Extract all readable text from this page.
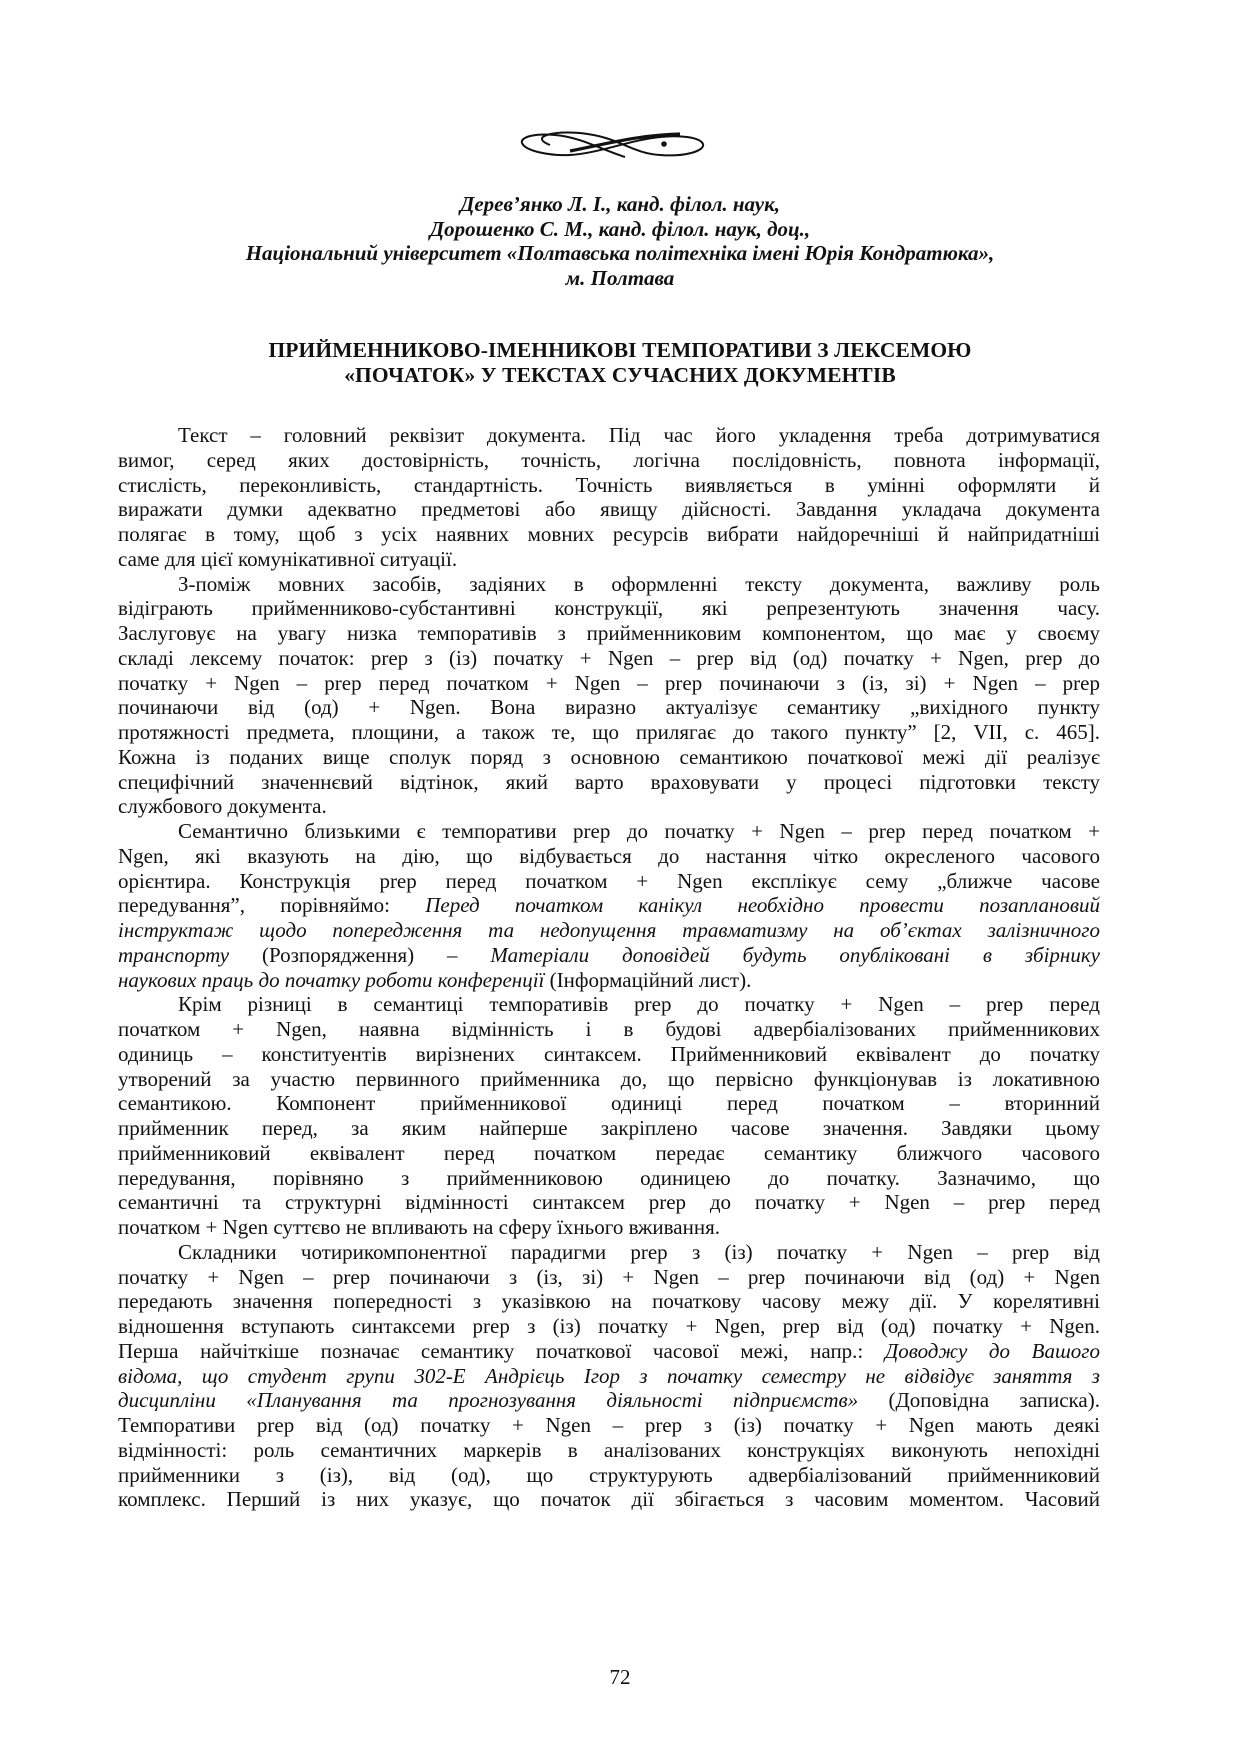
Дерев’янко Л. І., канд. філол. наук,
Дорошенко С. М., канд. філол. наук, доц.,
Національний університет «Полтавська політехніка імені Юрія Кондратюка»,
м. Полтава
ПРИЙМЕННИКОВО-ІМЕННИКОВІ ТЕМПОРАТИВИ З ЛЕКСЕМОЮ
«ПОЧАТОК» У ТЕКСТАХ СУЧАСНИХ ДОКУМЕНТІВ
Текст – головний реквізит документа. Під час його укладення треба дотримуватися
вимог, серед яких достовірність, точність, логічна послідовність, повнота інформації,
стислість, переконливість, стандартність. Точність виявляється в умінні оформляти й
виражати думки адекватно предметові або явищу дійсності. Завдання укладача документа
полягає в тому, щоб з усіх наявних мовних ресурсів вибрати найдоречніші й найпридатніші
саме для цієї комунікативної ситуації.
З-поміж мовних засобів, задіяних в оформленні тексту документа, важливу роль
відіграють прийменниково-субстантивні конструкції, які репрезентують значення часу.
Заслуговує на увагу низка темпоративів з прийменниковим компонентом, що має у своєму
складі лексему початок: prep з (із) початку + Ngen – prep від (од) початку + Ngen, prep до
початку + Ngen – prep перед початком + Ngen – prep починаючи з (із, зі) + Ngen – prep
починаючи від (од) + Ngen. Вона виразно актуалізує семантику „вихідного пункту
протяжності предмета, площини, а також те, що прилягає до такого пункту” [2, VII, с. 465].
Кожна із поданих вище сполук поряд з основною семантикою початкової межі дії реалізує
специфічний значеннєвий відтінок, який варто враховувати у процесі підготовки тексту
службового документа.
Семантично близькими є темпоративи prep до початку + Ngen – prep перед початком +
Ngen, які вказують на дію, що відбувається до настання чітко окресленого часового
орієнтира. Конструкція prep перед початком + Ngen експлікує сему „ближче часове
передування”, порівняймо: Перед початком канікул необхідно провести позаплановий
інструктаж щодо попередження та недопущення травматизму на об’єктах залізничного
транспорту (Розпорядження) – Матеріали доповідей будуть опубліковані в збірнику
наукових праць до початку роботи конференції (Інформаційний лист).
Крім різниці в семантиці темпоративів prep до початку + Ngen – prep перед
початком + Ngen, наявна відмінність і в будові адвербіалізованих прийменникових
одиниць – конституентів вирізнених синтаксем. Прийменниковий еквівалент до початку
утворений за участю первинного прийменника до, що первісно функціонував із локативною
семантикою. Компонент прийменникової одиниці перед початком – вторинний
прийменник перед, за яким найперше закріплено часове значення. Завдяки цьому
прийменниковий еквівалент перед початком передає семантику ближчого часового
передування, порівняно з прийменниковою одиницею до початку. Зазначимо, що
семантичні та структурні відмінності синтаксем prep до початку + Ngen – prep перед
початком + Ngen суттєво не впливають на сферу їхнього вживання.
Складники чотирикомпонентної парадигми prep з (із) початку + Ngen – prep від
початку + Ngen – prep починаючи з (із, зі) + Ngen – prep починаючи від (од) + Ngen
передають значення попередності з указівкою на початкову часову межу дії. У корелятивні
відношення вступають синтаксеми prep з (із) початку + Ngen, prep від (од) початку + Ngen.
Перша найчіткіше позначає семантику початкової часової межі, напр.: Доводжу до Вашого
відома, що студент групи 302-Е Андрієць Ігор з початку семестру не відвідує заняття з
дисципліни «Планування та прогнозування діяльності підприємств» (Доповідна записка).
Темпоративи prep від (од) початку + Ngen – prep з (із) початку + Ngen мають деякі
відмінності: роль семантичних маркерів в аналізованих конструкціях виконують непохідні
прийменники з (із), від (од), що структурують адвербіалізований прийменниковий
комплекс. Перший із них указує, що початок дії збігається з часовим моментом. Часовий
72
